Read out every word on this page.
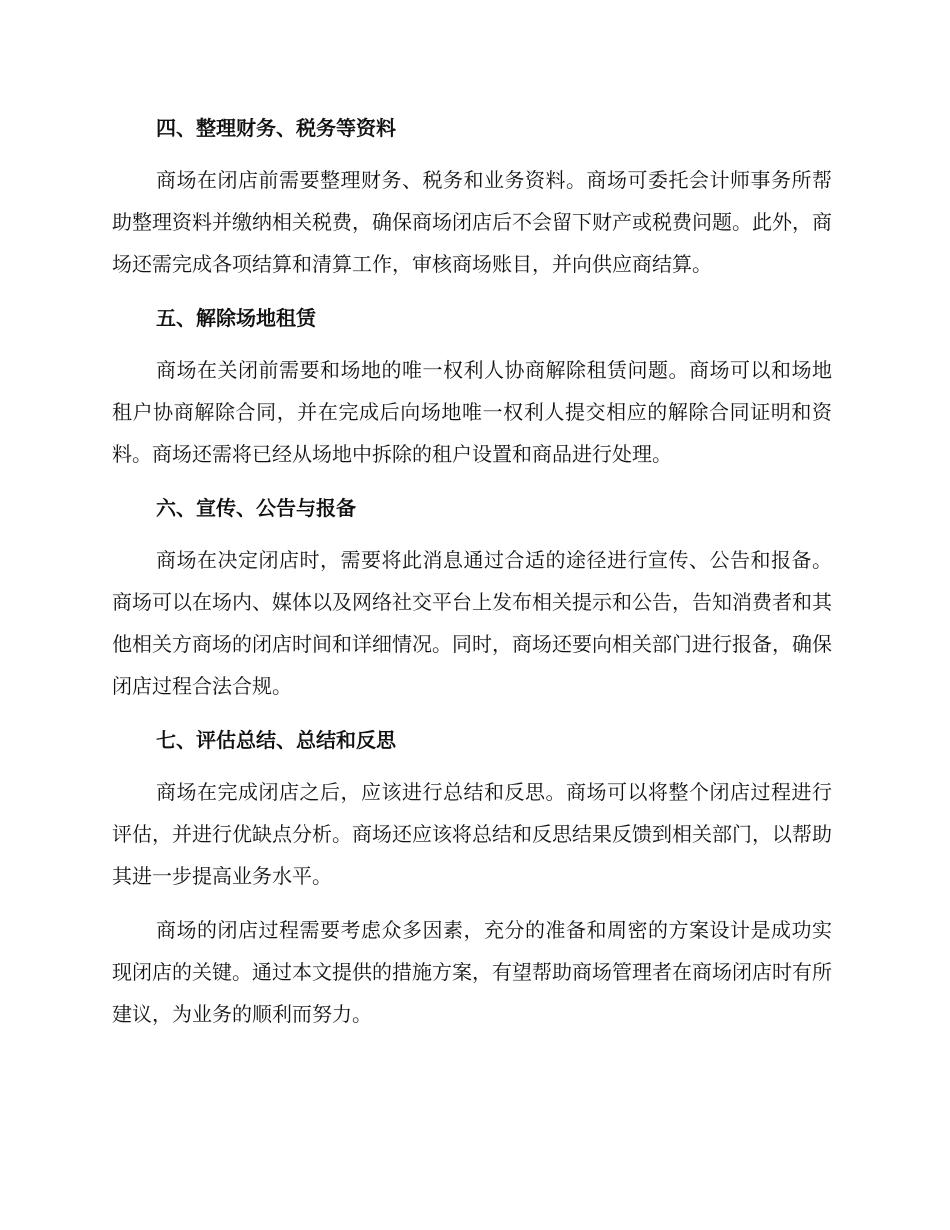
四、整理财务、税务等资料

商场在闭店前需要整理财务、税务和业务资料。商场可委托会计师事务所帮助整理资料并缴纳相关税费，确保商场闭店后不会留下财产或税费问题。此外，商场还需完成各项结算和清算工作，审核商场账目，并向供应商结算。

五、解除场地租赁

商场在关闭前需要和场地的唯一权利人协商解除租赁问题。商场可以和场地租户协商解除合同，并在完成后向场地唯一权利人提交相应的解除合同证明和资料。商场还需将已经从场地中拆除的租户设置和商品进行处理。

六、宣传、公告与报备

商场在决定闭店时，需要将此消息通过合适的途径进行宣传、公告和报备。商场可以在场内、媒体以及网络社交平台上发布相关提示和公告，告知消费者和其他相关方商场的闭店时间和详细情况。同时，商场还要向相关部门进行报备，确保闭店过程合法合规。

七、评估总结、总结和反思

商场在完成闭店之后，应该进行总结和反思。商场可以将整个闭店过程进行评估，并进行优缺点分析。商场还应该将总结和反思结果反馈到相关部门，以帮助其进一步提高业务水平。

商场的闭店过程需要考虑众多因素，充分的准备和周密的方案设计是成功实现闭店的关键。通过本文提供的措施方案，有望帮助商场管理者在商场闭店时有所建议，为业务的顺利而努力。
